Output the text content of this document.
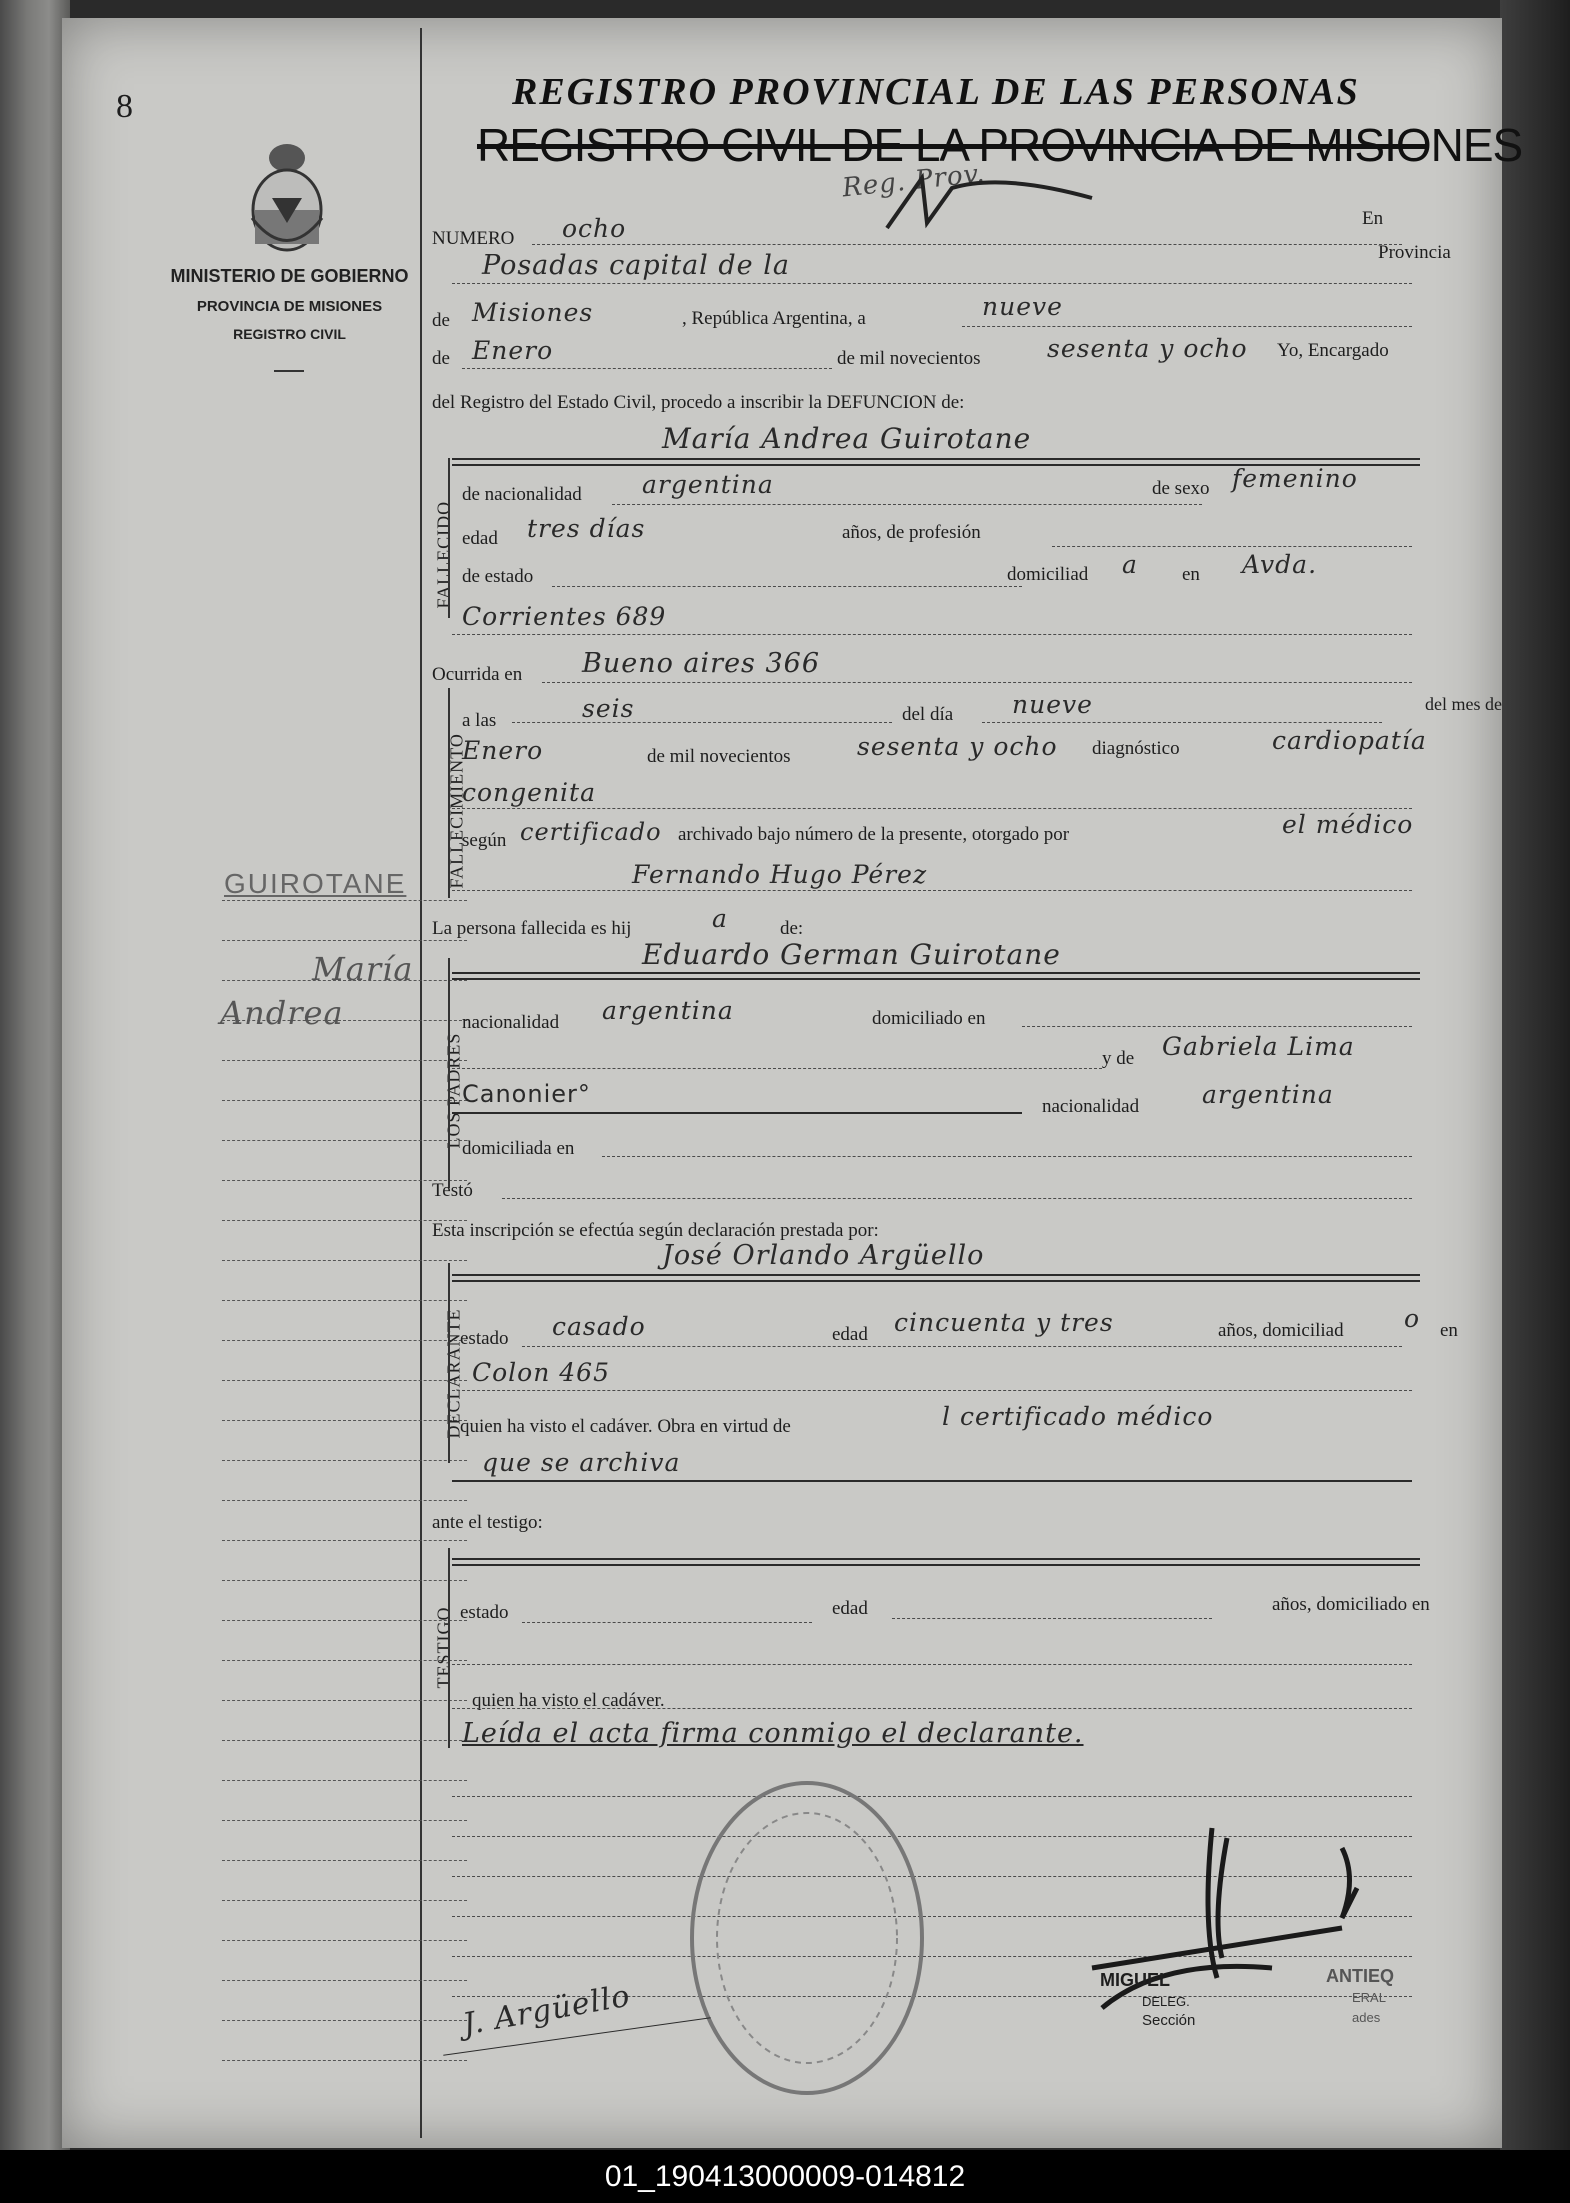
8
MINISTERIO DE GOBIERNO
PROVINCIA DE MISIONES
REGISTRO CIVIL
GUIROTANE
María
Andrea
REGISTRO PROVINCIAL DE LAS PERSONAS
REGISTRO CIVIL DE LA PROVINCIA DE MISIONES
Reg. Prov.
NUMERO ocho	En
Posadas capital de la	Provincia
de Misiones	, República Argentina, a	nueve
de Enero	de mil novecientos	sesenta y ocho Yo, Encargado
del Registro del Estado Civil, procedo a inscribir la DEFUNCION de:
FALLECIDO
María Andrea Guirotane
de nacionalidad argentina	de sexo femenino
edad tres días	años, de profesión
de estado	domiciliad a en Avda.
Corrientes 689
Ocurrida en Bueno aires 366
FALLECIMIENTO
a las	seis	del día nueve	del mes de
Enero	de mil novecientos	sesenta y ocho diagnóstico	cardiopatía
congenita
según certificado archivado bajo número de la presente, otorgado por	el médico
Fernando Hugo Pérez
La persona fallecida es hij	a	de:
LOS PADRES
Eduardo German Guirotane
nacionalidad argentina	domiciliado en
y de Gabriela Lima
Canonier°	nacionalidad	argentina
domiciliada en
Testó
Esta inscripción se efectúa según declaración prestada por:
DECLARANTE
José Orlando Argüello
estado casado	edad cincuenta y tres	años, domiciliad o en
Colon 465
quien ha visto el cadáver. Obra en virtud de	l certificado médico
que se archiva
ante el testigo:
TESTIGO estado	edad	años, domiciliado en
quien ha visto el cadáver.
Leída el acta firma conmigo el declarante.
J. Argüello	MIGUEL
DELEG.
Sección
ANTIEQ
ERAL
ades
01_190413000009-014812
